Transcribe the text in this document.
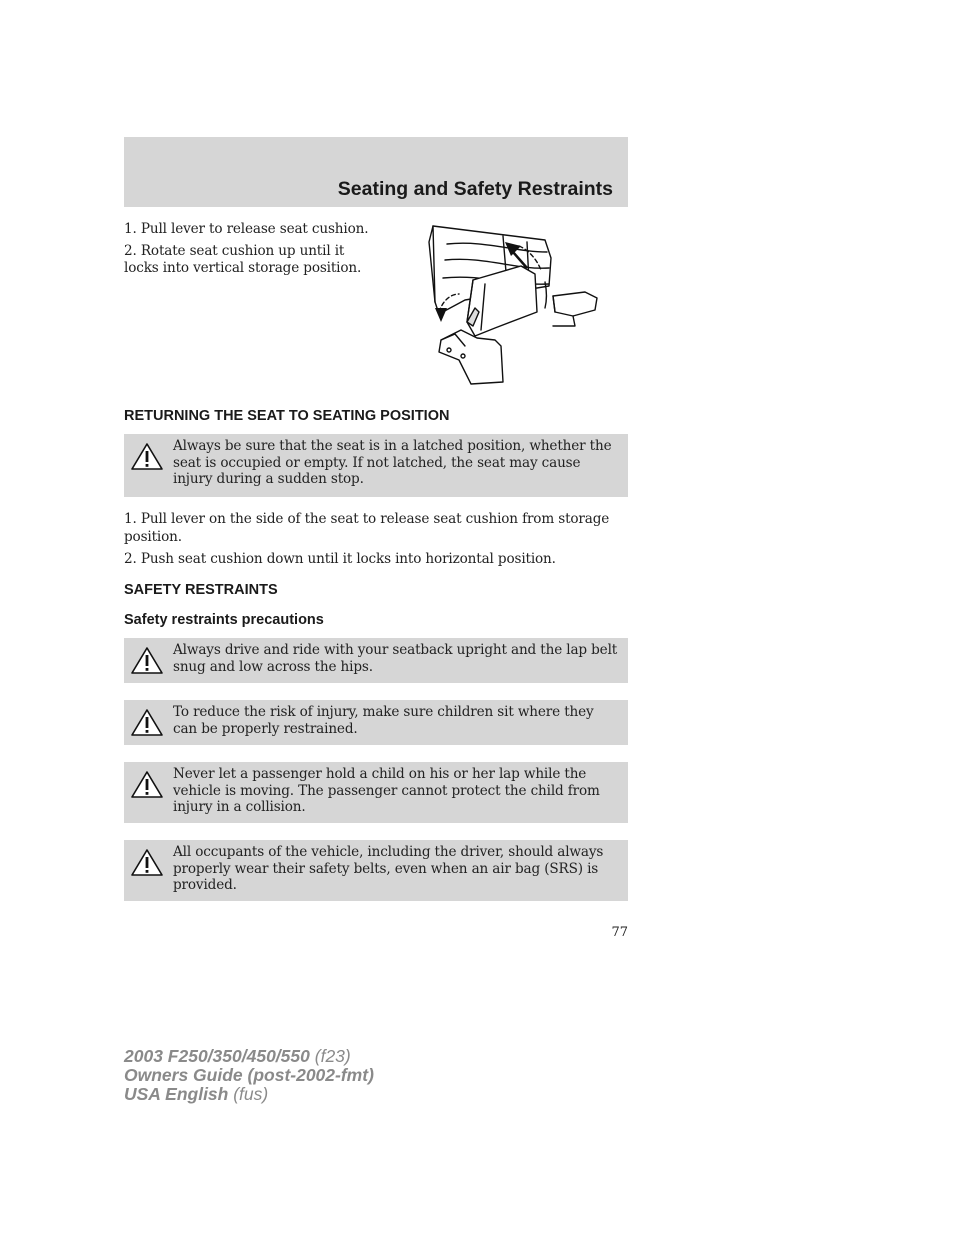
Seating and Safety Restraints
1. Pull lever to release seat cushion.
2. Rotate seat cushion up until it
locks into vertical storage position.
RETURNING THE SEAT TO SEATING POSITION
Always be sure that the seat is in a latched position, whether the seat is occupied or empty. If not latched, the seat may cause injury during a sudden stop.
1. Pull lever on the side of the seat to release seat cushion from storage
position.
2. Push seat cushion down until it locks into horizontal position.
SAFETY RESTRAINTS
Safety restraints precautions
Always drive and ride with your seatback upright and the lap belt snug and low across the hips.
To reduce the risk of injury, make sure children sit where they can be properly restrained.
Never let a passenger hold a child on his or her lap while the vehicle is moving. The passenger cannot protect the child from injury in a collision.
All occupants of the vehicle, including the driver, should always properly wear their safety belts, even when an air bag (SRS) is provided.
77
2003 F250/350/450/550 (f23)
Owners Guide (post-2002-fmt)
USA English (fus)
